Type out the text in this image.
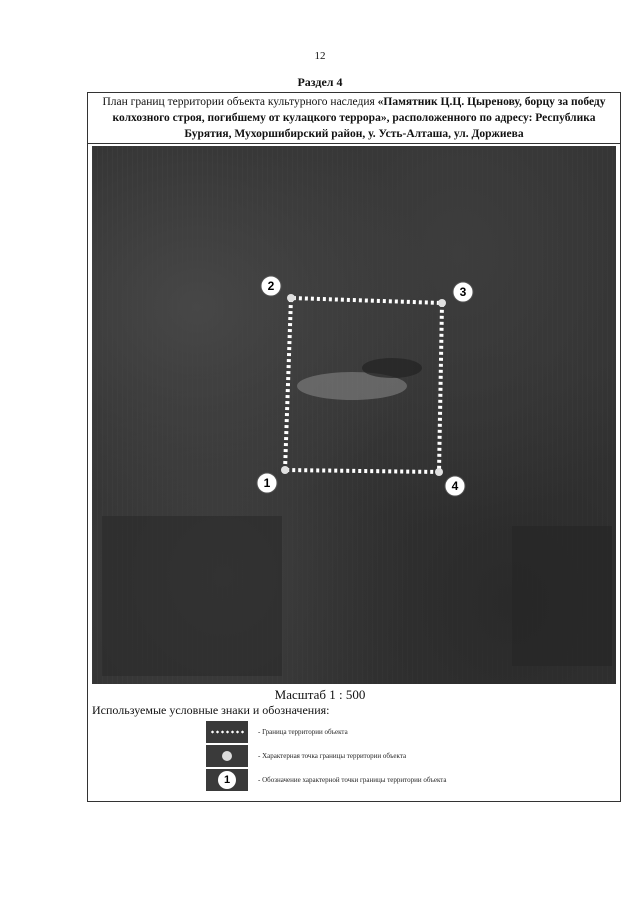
12
Раздел 4
План границ территории объекта культурного наследия «Памятник Ц.Ц. Цыренову, борцу за победу колхозного строя, погибшему от кулацкого террора», расположенного по адресу: Республика Бурятия, Мухоршибирский район, у. Усть-Алташа, ул. Доржиева
1
2	3
4
Масштаб 1 : 500
Используемые условные знаки и обозначения:
- Граница территории объекта
- Характерная точка границы территории объекта
1	- Обозначение характерной точки границы территории объекта
